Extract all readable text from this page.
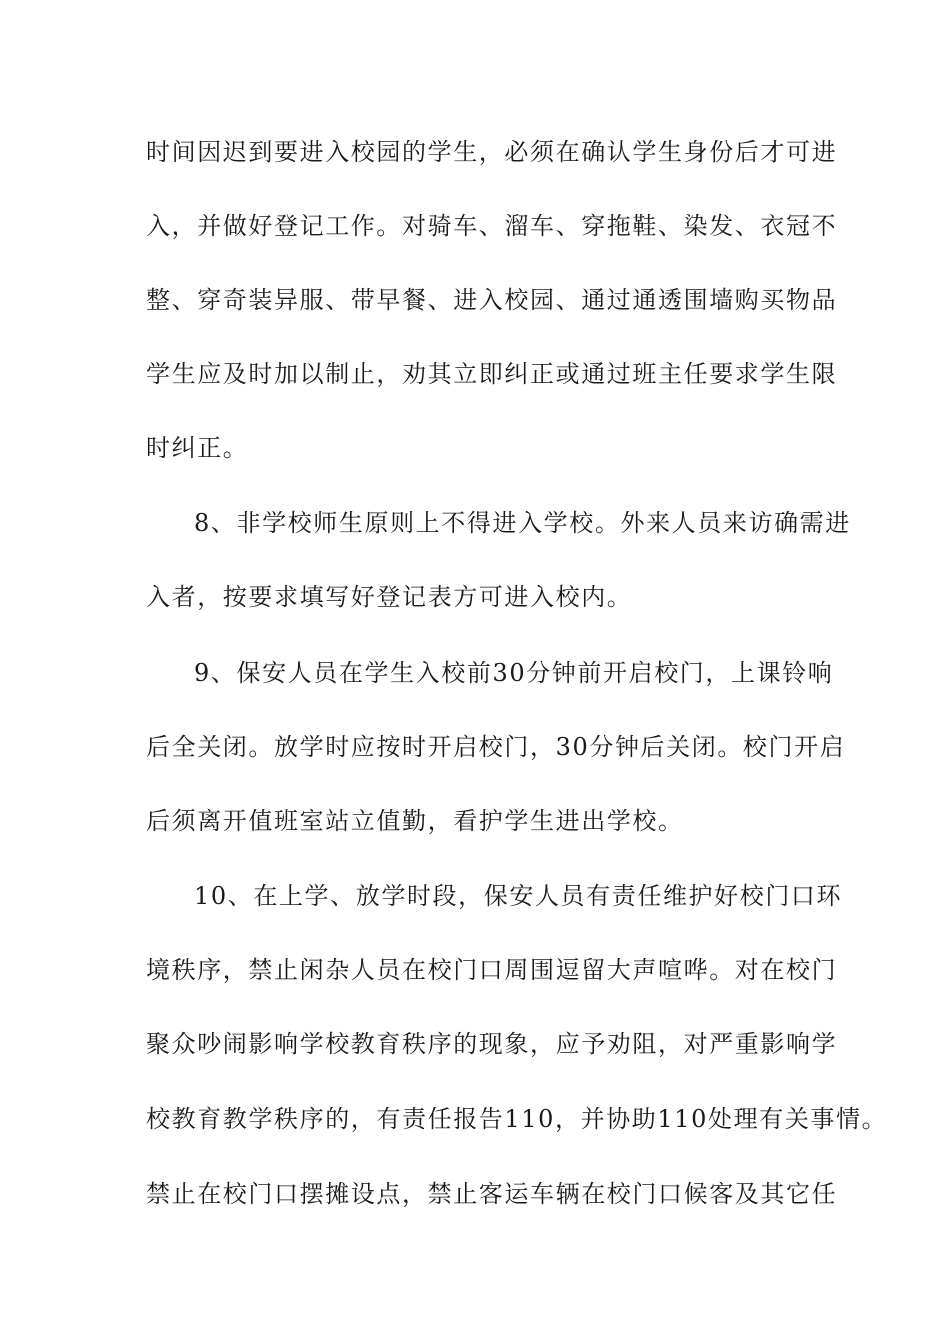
时间因迟到要进入校园的学生，必须在确认学生身份后才可进
入，并做好登记工作。对骑车、溜车、穿拖鞋、染发、衣冠不
整、穿奇装异服、带早餐、进入校园、通过通透围墙购买物品
学生应及时加以制止，劝其立即纠正或通过班主任要求学生限
时纠正。
8、非学校师生原则上不得进入学校。外来人员来访确需进
入者，按要求填写好登记表方可进入校内。
9、保安人员在学生入校前30分钟前开启校门，上课铃响
后全关闭。放学时应按时开启校门，30分钟后关闭。校门开启
后须离开值班室站立值勤，看护学生进出学校。
10、在上学、放学时段，保安人员有责任维护好校门口环
境秩序，禁止闲杂人员在校门口周围逗留大声喧哗。对在校门
聚众吵闹影响学校教育秩序的现象，应予劝阻，对严重影响学
校教育教学秩序的，有责任报告110，并协助110处理有关事情。
禁止在校门口摆摊设点，禁止客运车辆在校门口候客及其它任
